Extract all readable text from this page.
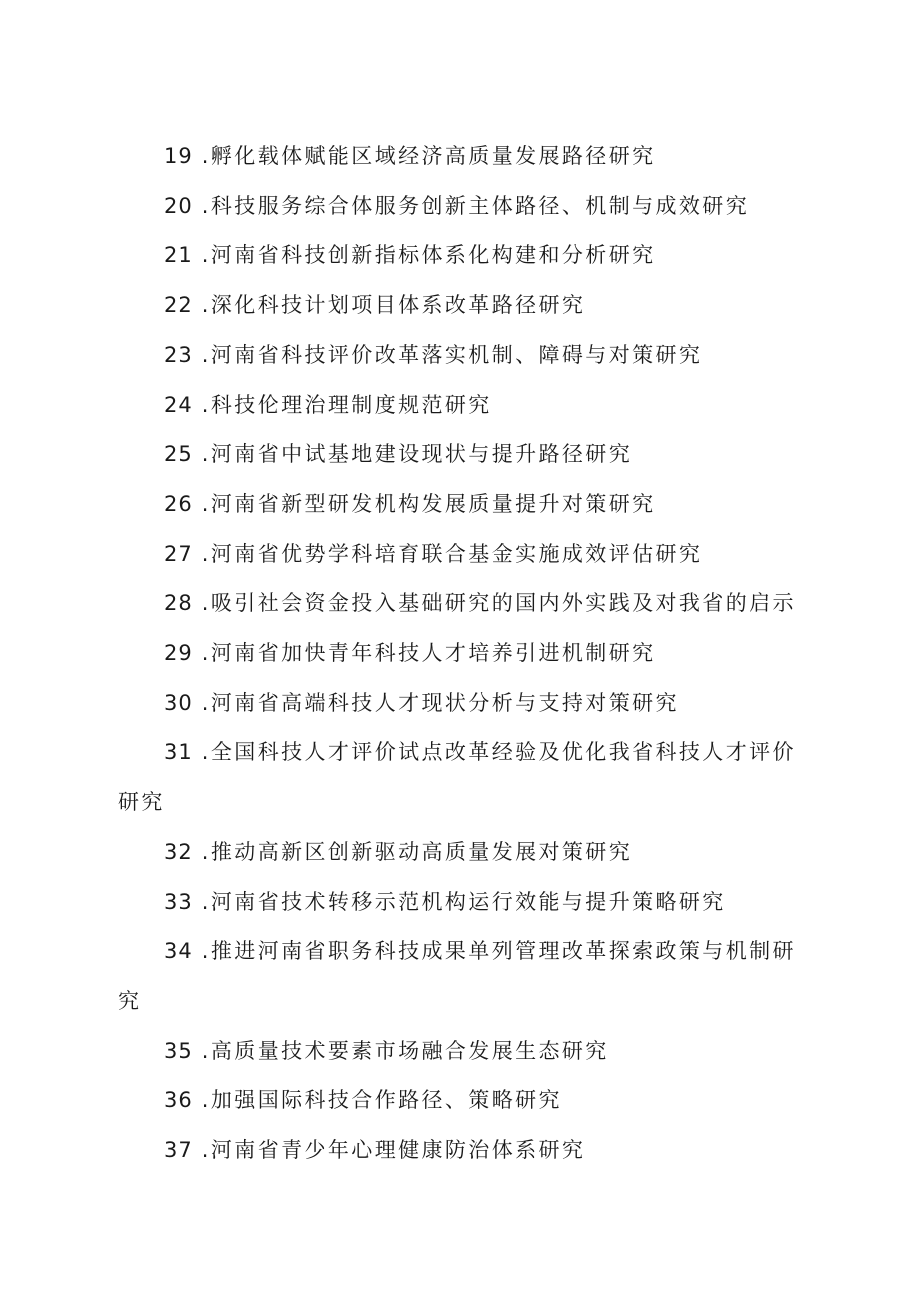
19 .孵化载体赋能区域经济高质量发展路径研究
20 .科技服务综合体服务创新主体路径、机制与成效研究
21 .河南省科技创新指标体系化构建和分析研究
22 .深化科技计划项目体系改革路径研究
23 .河南省科技评价改革落实机制、障碍与对策研究
24 .科技伦理治理制度规范研究
25 .河南省中试基地建设现状与提升路径研究
26 .河南省新型研发机构发展质量提升对策研究
27 .河南省优势学科培育联合基金实施成效评估研究
28 .吸引社会资金投入基础研究的国内外实践及对我省的启示
29 .河南省加快青年科技人才培养引进机制研究
30 .河南省高端科技人才现状分析与支持对策研究
31 .全国科技人才评价试点改革经验及优化我省科技人才评价研究
32 .推动高新区创新驱动高质量发展对策研究
33 .河南省技术转移示范机构运行效能与提升策略研究
34 .推进河南省职务科技成果单列管理改革探索政策与机制研究
35 .高质量技术要素市场融合发展生态研究
36 .加强国际科技合作路径、策略研究
37 .河南省青少年心理健康防治体系研究
